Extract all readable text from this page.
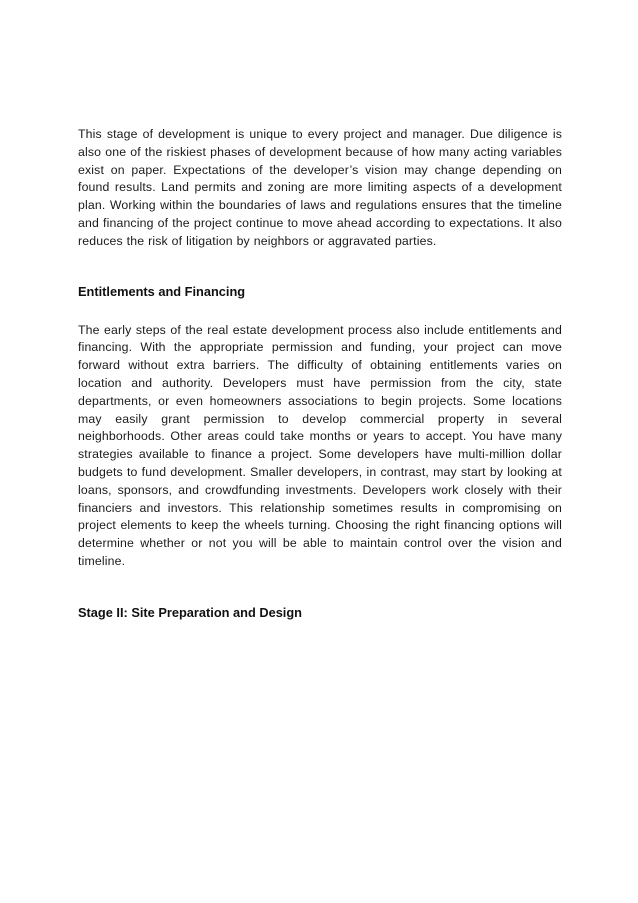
This stage of development is unique to every project and manager. Due diligence is also one of the riskiest phases of development because of how many acting variables exist on paper. Expectations of the developer’s vision may change depending on found results. Land permits and zoning are more limiting aspects of a development plan. Working within the boundaries of laws and regulations ensures that the timeline and financing of the project continue to move ahead according to expectations. It also reduces the risk of litigation by neighbors or aggravated parties.

Entitlements and Financing

The early steps of the real estate development process also include entitlements and financing. With the appropriate permission and funding, your project can move forward without extra barriers. The difficulty of obtaining entitlements varies on location and authority. Developers must have permission from the city, state departments, or even homeowners associations to begin projects. Some locations may easily grant permission to develop commercial property in several neighborhoods. Other areas could take months or years to accept. You have many strategies available to finance a project. Some developers have multi-million dollar budgets to fund development. Smaller developers, in contrast, may start by looking at loans, sponsors, and crowdfunding investments. Developers work closely with their financiers and investors. This relationship sometimes results in compromising on project elements to keep the wheels turning. Choosing the right financing options will determine whether or not you will be able to maintain control over the vision and timeline.

Stage II: Site Preparation and Design
